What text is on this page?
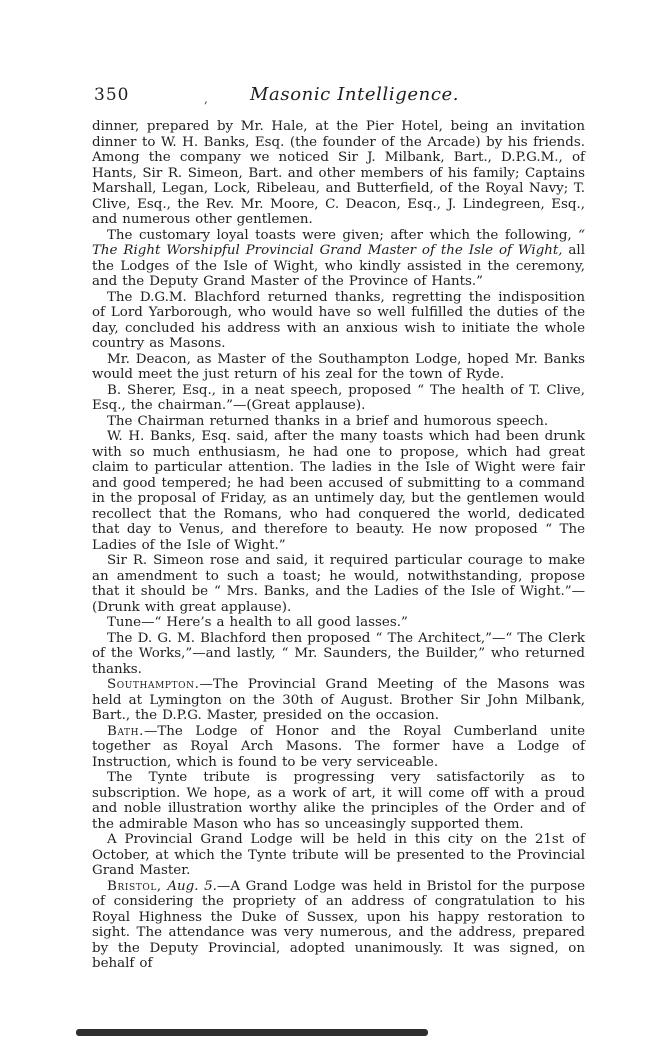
350	, Masonic Intelligence.

dinner, prepared by Mr. Hale, at the Pier Hotel, being an invitation dinner to W. H. Banks, Esq. (the founder of the Arcade) by his friends. Among the company we noticed Sir J. Milbank, Bart., D.P.G.M., of Hants, Sir R. Simeon, Bart. and other members of his family; Captains Marshall, Legan, Lock, Ribeleau, and Butterfield, of the Royal Navy; T. Clive, Esq., the Rev. Mr. Moore, C. Deacon, Esq., J. Lindegreen, Esq., and numerous other gentlemen.

The customary loyal toasts were given; after which the following, “ The Right Worshipful Provincial Grand Master of the Isle of Wight, all the Lodges of the Isle of Wight, who kindly assisted in the ceremony, and the Deputy Grand Master of the Province of Hants.”

The D.G.M. Blachford returned thanks, regretting the indisposition of Lord Yarborough, who would have so well fulfilled the duties of the day, concluded his address with an anxious wish to initiate the whole country as Masons.

Mr. Deacon, as Master of the Southampton Lodge, hoped Mr. Banks would meet the just return of his zeal for the town of Ryde.

B. Sherer, Esq., in a neat speech, proposed “ The health of T. Clive, Esq., the chairman.”—(Great applause).

The Chairman returned thanks in a brief and humorous speech.

W. H. Banks, Esq. said, after the many toasts which had been drunk with so much enthusiasm, he had one to propose, which had great claim to particular attention. The ladies in the Isle of Wight were fair and good tempered; he had been accused of submitting to a command in the proposal of Friday, as an untimely day, but the gentlemen would recollect that the Romans, who had conquered the world, dedicated that day to Venus, and therefore to beauty. He now proposed “ The Ladies of the Isle of Wight.”

Sir R. Simeon rose and said, it required particular courage to make an amendment to such a toast; he would, notwithstanding, propose that it should be “ Mrs. Banks, and the Ladies of the Isle of Wight.”—(Drunk with great applause).

Tune—“ Here’s a health to all good lasses.”

The D. G. M. Blachford then proposed “ The Architect,”—“ The Clerk of the Works,”—and lastly, “ Mr. Saunders, the Builder,” who returned thanks.

Southampton.—The Provincial Grand Meeting of the Masons was held at Lymington on the 30th of August. Brother Sir John Milbank, Bart., the D.P.G. Master, presided on the occasion.

Bath.—The Lodge of Honor and the Royal Cumberland unite together as Royal Arch Masons. The former have a Lodge of Instruction, which is found to be very serviceable.

The Tynte tribute is progressing very satisfactorily as to subscription. We hope, as a work of art, it will come off with a proud and noble illustration worthy alike the principles of the Order and of the admirable Mason who has so unceasingly supported them.

A Provincial Grand Lodge will be held in this city on the 21st of October, at which the Tynte tribute will be presented to the Provincial Grand Master.

Bristol, Aug. 5.—A Grand Lodge was held in Bristol for the purpose of considering the propriety of an address of congratulation to his Royal Highness the Duke of Sussex, upon his happy restoration to sight. The attendance was very numerous, and the address, prepared by the Deputy Provincial, adopted unanimously. It was signed, on behalf of
